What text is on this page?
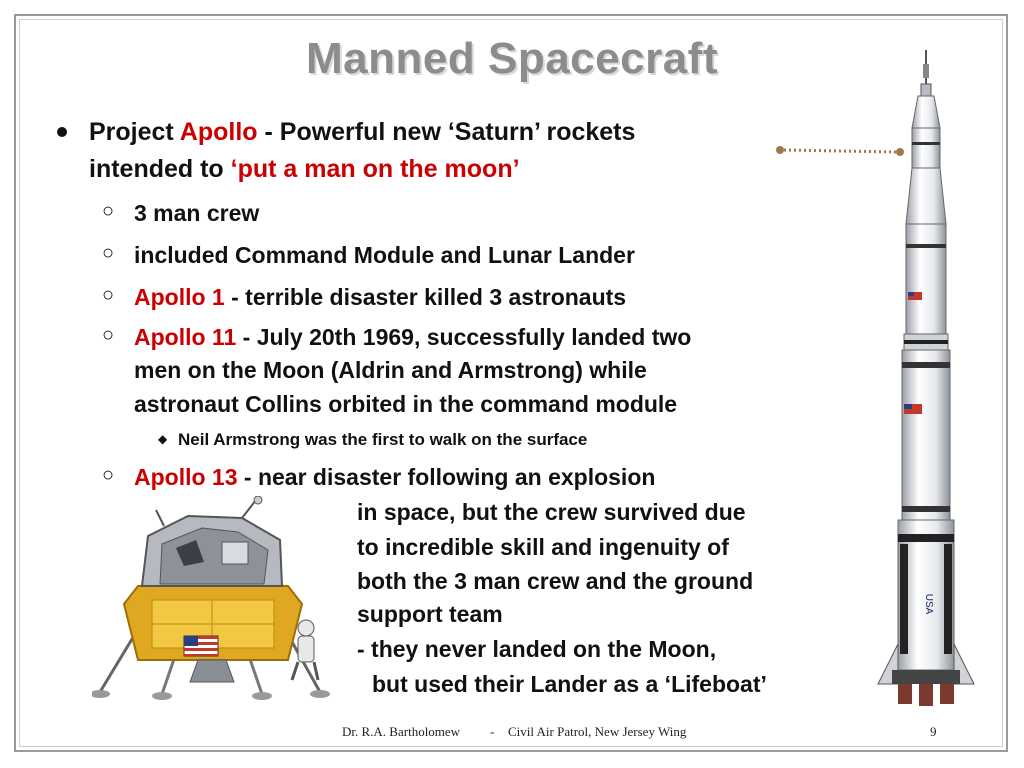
Manned Spacecraft
Project Apollo - Powerful new ‘Saturn’ rockets
intended to ‘put a man on the moon’
○ 3 man crew
○ included Command Module and Lunar Lander
○ Apollo 1 - terrible disaster killed 3 astronauts
○ Apollo 11 - July 20th 1969, successfully landed two
men on the Moon (Aldrin and Armstrong) while
astronaut Collins orbited in the command module
◆ Neil Armstrong was the first to walk on the surface
○ Apollo 13 - near disaster following an explosion
in space, but the crew survived due
to incredible skill and ingenuity of
both the 3 man crew and the ground
support team
- they never landed on the Moon,
but used their Lander as a ‘Lifeboat’
USA
Dr. R.A. Bartholomew - Civil Air Patrol, New Jersey Wing	9
